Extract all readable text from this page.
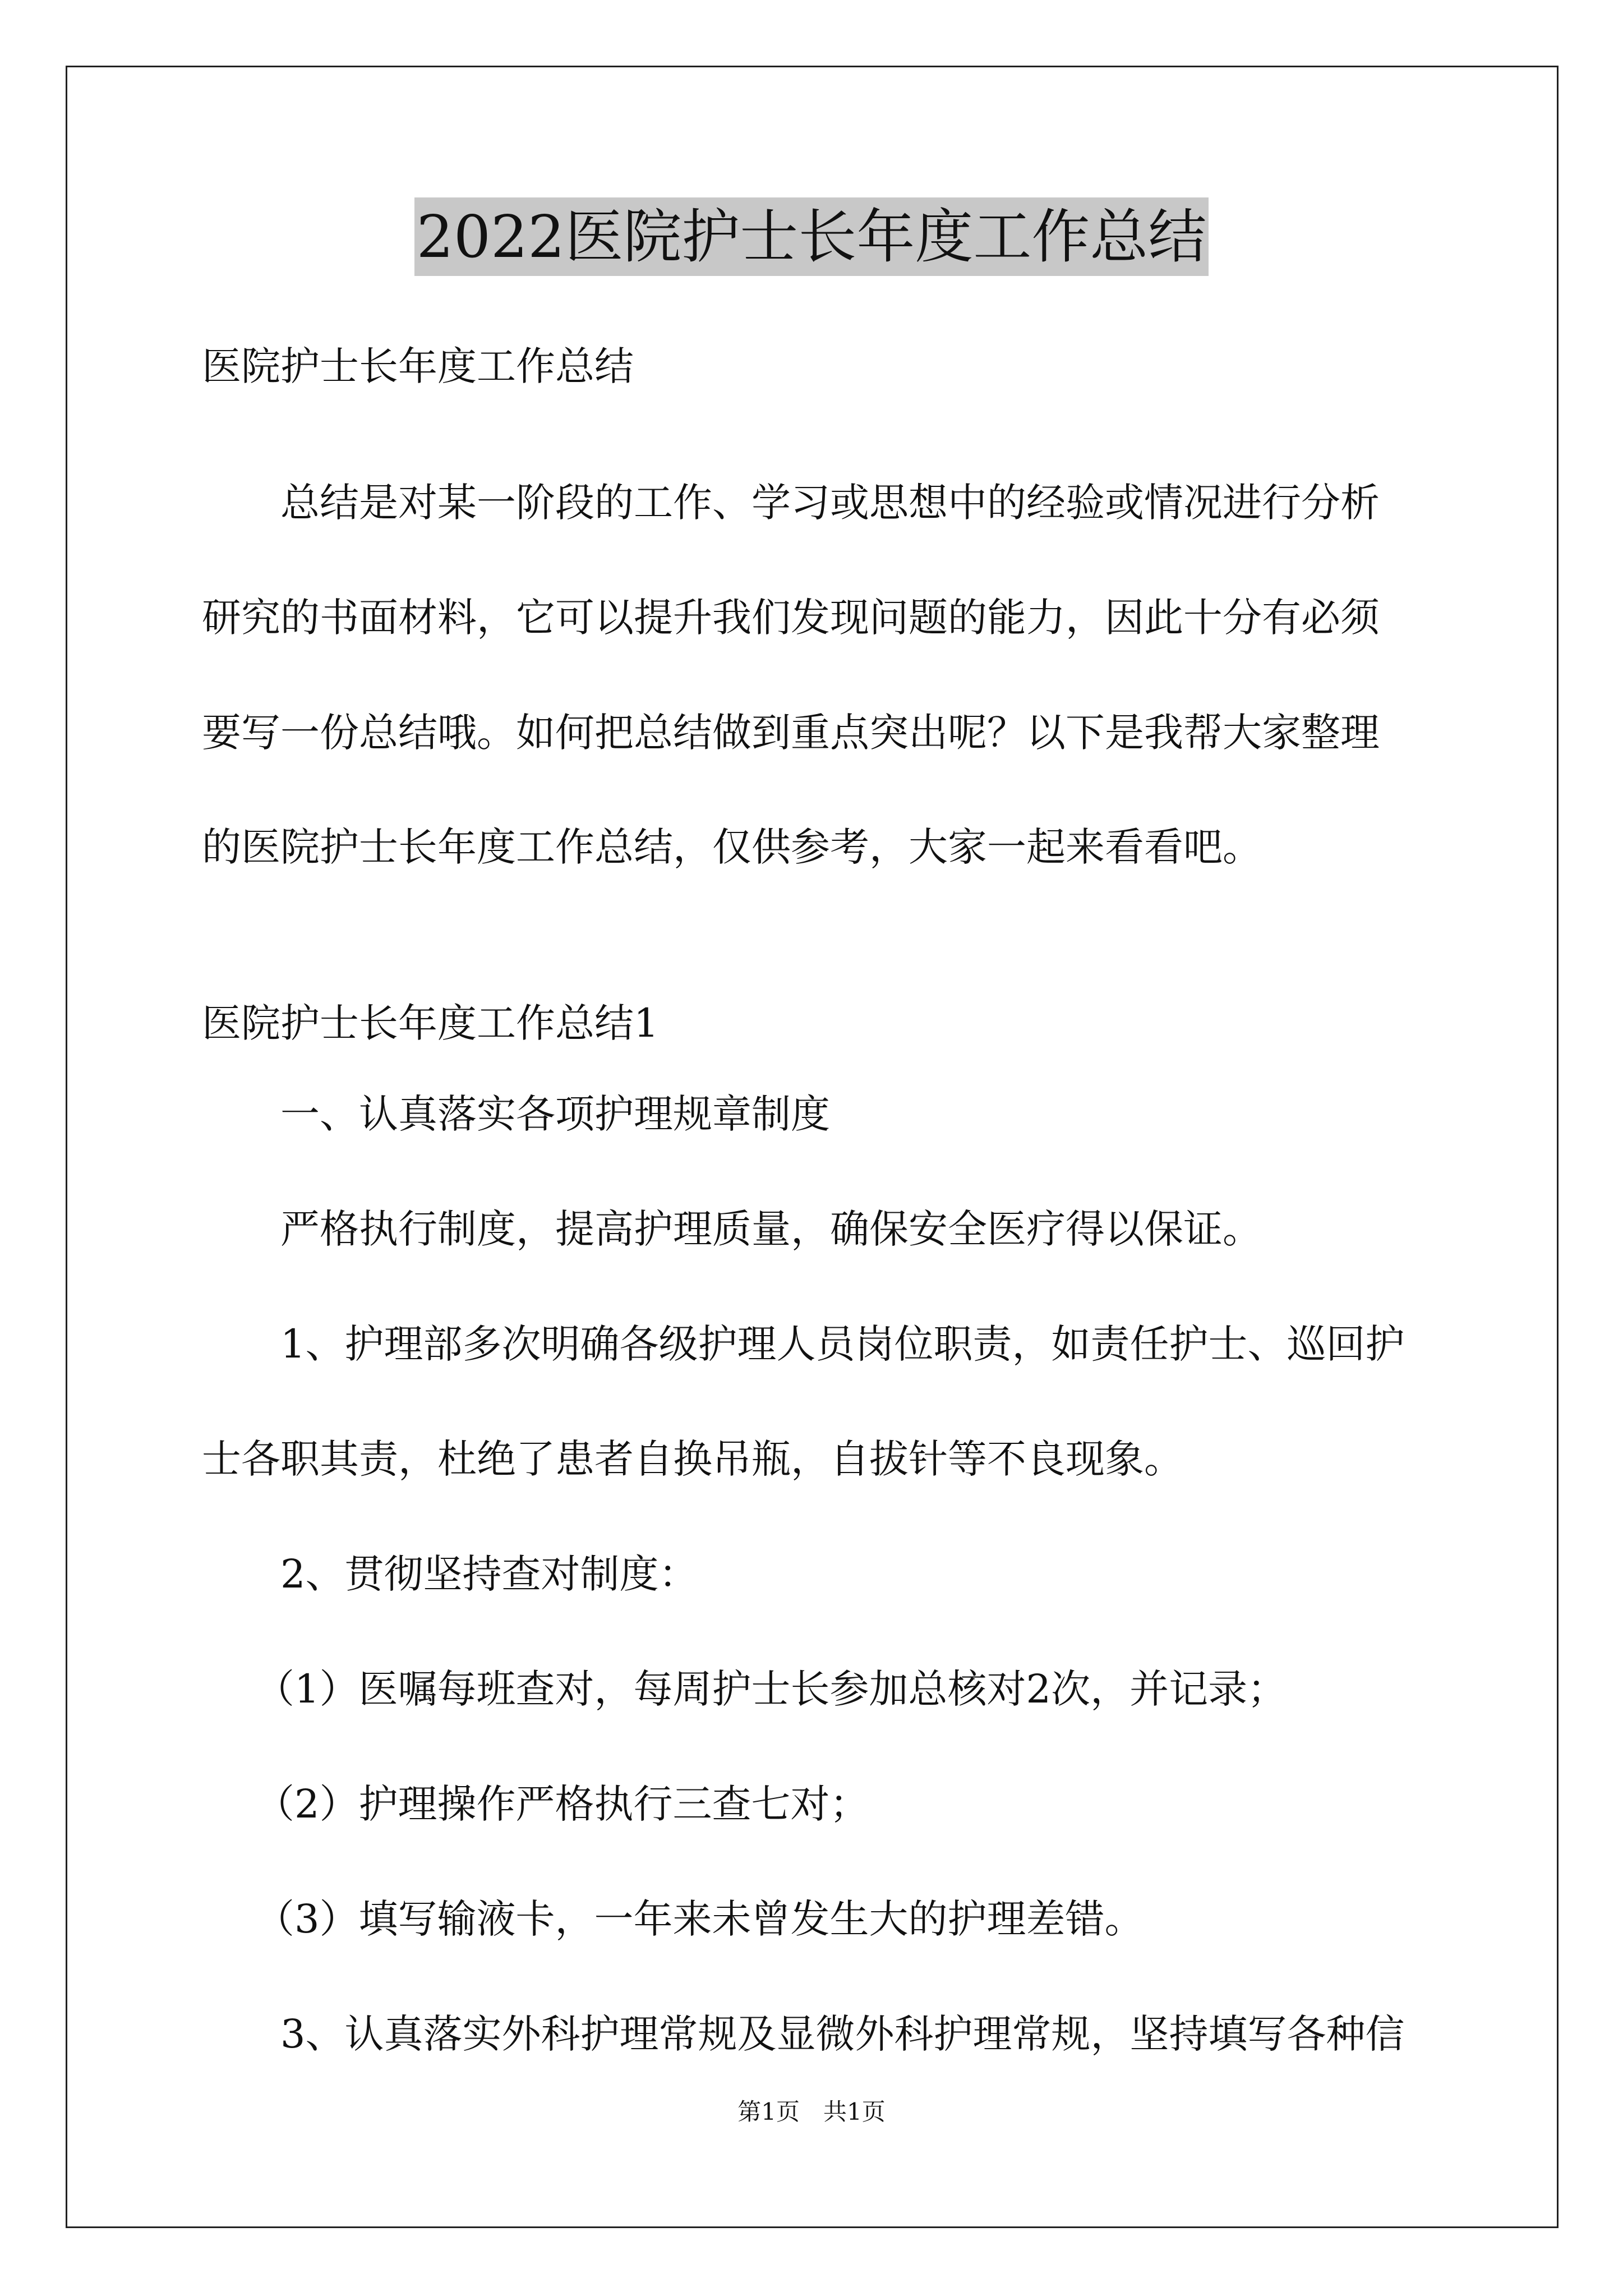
2022医院护士长年度工作总结

医院护士长年度工作总结

总结是对某一阶段的工作、学习或思想中的经验或情况进行分析

研究的书面材料，它可以提升我们发现问题的能力，因此十分有必须

要写一份总结哦。如何把总结做到重点突出呢？以下是我帮大家整理

的医院护士长年度工作总结，仅供参考，大家一起来看看吧。

医院护士长年度工作总结1

一、认真落实各项护理规章制度

严格执行制度，提高护理质量，确保安全医疗得以保证。

1、护理部多次明确各级护理人员岗位职责，如责任护士、巡回护

士各职其责，杜绝了患者自换吊瓶，自拔针等不良现象。

2、贯彻坚持查对制度：

（1）医嘱每班查对，每周护士长参加总核对2次，并记录；

（2）护理操作严格执行三查七对；

（3）填写输液卡，一年来未曾发生大的护理差错。

3、认真落实外科护理常规及显微外科护理常规，坚持填写各种信

第1页　共1页
